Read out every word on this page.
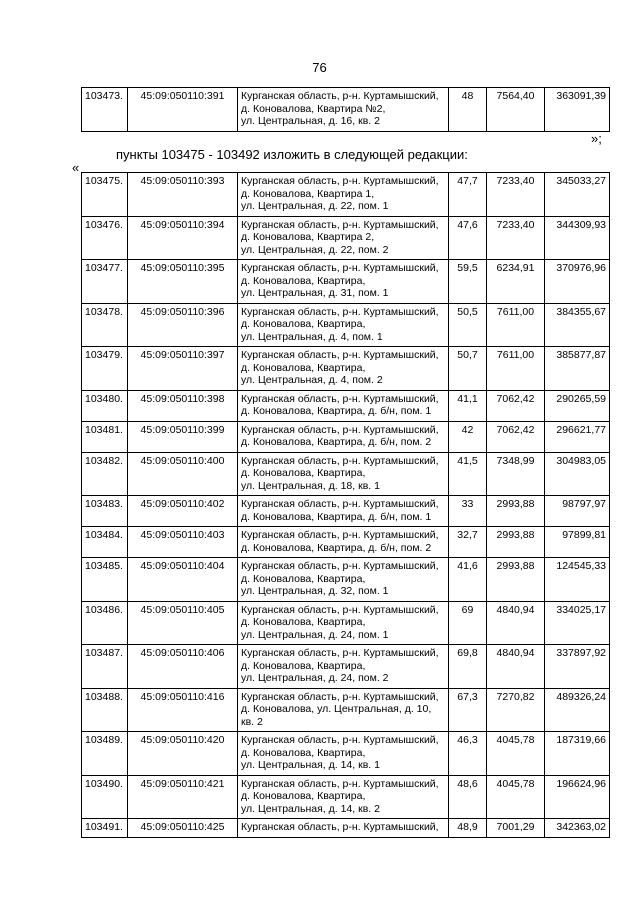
76
103473.	45:09:050110:391	Курганская область, р-н. Куртамышский,
д. Коновалова, Квартира №2,
ул. Центральная, д. 16, кв. 2
	48	7564,40	363091,39
»;
пункты 103475 - 103492 изложить в следующей редакции:
«
103475.	45:09:050110:393	Курганская область, р-н. Куртамышский,
д. Коновалова, Квартира 1,
ул. Центральная, д. 22, пом. 1	47,7	7233,40	345033,27
103476.	45:09:050110:394	Курганская область, р-н. Куртамышский,
д. Коновалова, Квартира 2,
ул. Центральная, д. 22, пом. 2	47,6	7233,40	344309,93
103477.	45:09:050110:395	Курганская область, р-н. Куртамышский,
д. Коновалова, Квартира,
ул. Центральная, д. 31, пом. 1	59,5	6234,91	370976,96
103478.	45:09:050110:396	Курганская область, р-н. Куртамышский,
д. Коновалова, Квартира,
ул. Центральная, д. 4, пом. 1	50,5	7611,00	384355,67
103479.	45:09:050110:397	Курганская область, р-н. Куртамышский,
д. Коновалова, Квартира,
ул. Центральная, д. 4, пом. 2	50,7	7611,00	385877,87
103480.	45:09:050110:398	Курганская область, р-н. Куртамышский,
д. Коновалова, Квартира, д. б/н, пом. 1	41,1	7062,42	290265,59
103481.	45:09:050110:399	Курганская область, р-н. Куртамышский,
д. Коновалова, Квартира, д. б/н, пом. 2	42	7062,42	296621,77
103482.	45:09:050110:400	Курганская область, р-н. Куртамышский,
д. Коновалова, Квартира,
ул. Центральная, д. 18, кв. 1	41,5	7348,99	304983,05
103483.	45:09:050110:402	Курганская область, р-н. Куртамышский,
д. Коновалова, Квартира, д. б/н, пом. 1	33	2993,88	98797,97
103484.	45:09:050110:403	Курганская область, р-н. Куртамышский,
д. Коновалова, Квартира, д. б/н, пом. 2	32,7	2993,88	97899,81
103485.	45:09:050110:404	Курганская область, р-н. Куртамышский,
д. Коновалова, Квартира,
ул. Центральная, д. 32, пом. 1	41,6	2993,88	124545,33
103486.	45:09:050110:405	Курганская область, р-н. Куртамышский,
д. Коновалова, Квартира,
ул. Центральная, д. 24, пом. 1	69	4840,94	334025,17
103487.	45:09:050110:406	Курганская область, р-н. Куртамышский,
д. Коновалова, Квартира,
ул. Центральная, д. 24, пом. 2	69,8	4840,94	337897,92
103488.	45:09:050110:416	Курганская область, р-н. Куртамышский,
д. Коновалова, ул. Центральная, д. 10,
кв. 2	67,3	7270,82	489326,24
103489.	45:09:050110:420	Курганская область, р-н. Куртамышский,
д. Коновалова, Квартира,
ул. Центральная, д. 14, кв. 1	46,3	4045,78	187319,66
103490.	45:09:050110:421	Курганская область, р-н. Куртамышский,
д. Коновалова, Квартира,
ул. Центральная, д. 14, кв. 2	48,6	4045,78	196624,96
103491.	45:09:050110:425	Курганская область, р-н. Куртамышский,	48,9	7001,29	342363,02
